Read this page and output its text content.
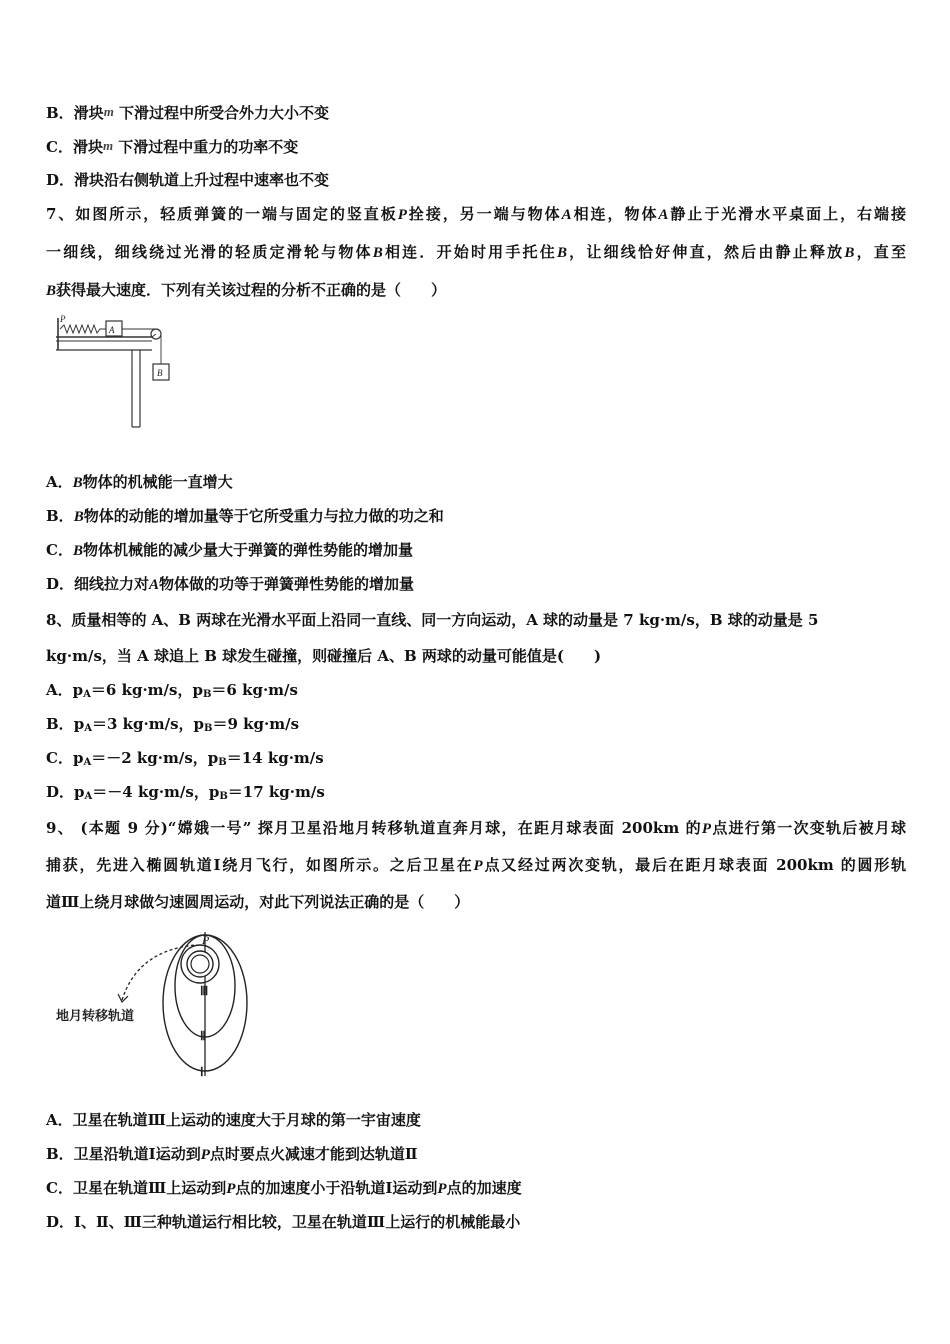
B．滑块m 下滑过程中所受合外力大小不变
C．滑块m 下滑过程中重力的功率不变
D．滑块沿右侧轨道上升过程中速率也不变
7、如图所示，轻质弹簧的一端与固定的竖直板P拴接，另一端与物体A相连，物体A静止于光滑水平桌面上，右端接
一细线，细线绕过光滑的轻质定滑轮与物体B相连．开始时用手托住B，让细线恰好伸直，然后由静止释放B，直至
B获得最大速度．下列有关该过程的分析不正确的是（　　）
P
A
B
A．B物体的机械能一直增大
B．B物体的动能的增加量等于它所受重力与拉力做的功之和
C．B物体机械能的减少量大于弹簧的弹性势能的增加量
D．细线拉力对A物体做的功等于弹簧弹性势能的增加量
8、质量相等的 A、B 两球在光滑水平面上沿同一直线、同一方向运动，A 球的动量是 7 kg·m/s，B 球的动量是 5
kg·m/s，当 A 球追上 B 球发生碰撞，则碰撞后 A、B 两球的动量可能值是(　　)
A．$p_A=6$ kg·m/s，$p_B=6$ kg·m/s
B．$p_A=3$ kg·m/s，$p_B=9$ kg·m/s
C．$p_A=-2$ kg·m/s，$p_B=14$ kg·m/s
D．$p_A=-4$ kg·m/s，$p_B=17$ kg·m/s
9、 (本题 9 分)“嫦娥一号” 探月卫星沿地月转移轨道直奔月球，在距月球表面 200km 的P点进行第一次变轨后被月球
捕获，先进入椭圆轨道Ⅰ绕月飞行，如图所示。之后卫星在P点又经过两次变轨，最后在距月球表面 200km 的圆形轨
道Ⅲ上绕月球做匀速圆周运动，对此下列说法正确的是（　　）
P
Ⅲ
Ⅱ
Ⅰ
地月转移轨道
A．卫星在轨道Ⅲ上运动的速度大于月球的第一宇宙速度
B．卫星沿轨道Ⅰ运动到P点时要点火减速才能到达轨道Ⅱ
C．卫星在轨道Ⅲ上运动到P点的加速度小于沿轨道Ⅰ运动到P点的加速度
D．Ⅰ、Ⅱ、Ⅲ三种轨道运行相比较，卫星在轨道Ⅲ上运行的机械能最小
